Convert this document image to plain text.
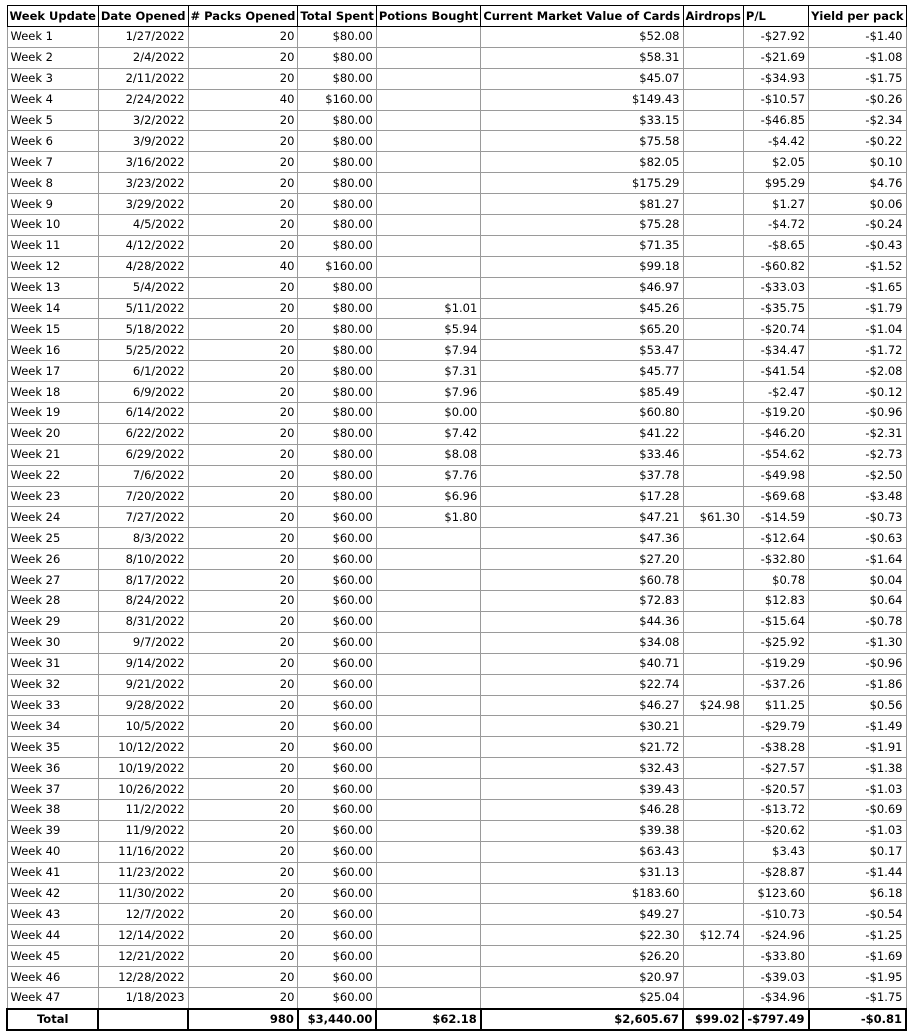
Week Update	Date Opened	# Packs Opened	Total Spent	Potions Bought	Current Market Value of Cards	Airdrops	P/L	Yield per pack
Week 1	1/27/2022	20	$80.00		$52.08		-$27.92	-$1.40
Week 2	2/4/2022	20	$80.00		$58.31		-$21.69	-$1.08
Week 3	2/11/2022	20	$80.00		$45.07		-$34.93	-$1.75
Week 4	2/24/2022	40	$160.00		$149.43		-$10.57	-$0.26
Week 5	3/2/2022	20	$80.00		$33.15		-$46.85	-$2.34
Week 6	3/9/2022	20	$80.00		$75.58		-$4.42	-$0.22
Week 7	3/16/2022	20	$80.00		$82.05		$2.05	$0.10
Week 8	3/23/2022	20	$80.00		$175.29		$95.29	$4.76
Week 9	3/29/2022	20	$80.00		$81.27		$1.27	$0.06
Week 10	4/5/2022	20	$80.00		$75.28		-$4.72	-$0.24
Week 11	4/12/2022	20	$80.00		$71.35		-$8.65	-$0.43
Week 12	4/28/2022	40	$160.00		$99.18		-$60.82	-$1.52
Week 13	5/4/2022	20	$80.00		$46.97		-$33.03	-$1.65
Week 14	5/11/2022	20	$80.00	$1.01	$45.26		-$35.75	-$1.79
Week 15	5/18/2022	20	$80.00	$5.94	$65.20		-$20.74	-$1.04
Week 16	5/25/2022	20	$80.00	$7.94	$53.47		-$34.47	-$1.72
Week 17	6/1/2022	20	$80.00	$7.31	$45.77		-$41.54	-$2.08
Week 18	6/9/2022	20	$80.00	$7.96	$85.49		-$2.47	-$0.12
Week 19	6/14/2022	20	$80.00	$0.00	$60.80		-$19.20	-$0.96
Week 20	6/22/2022	20	$80.00	$7.42	$41.22		-$46.20	-$2.31
Week 21	6/29/2022	20	$80.00	$8.08	$33.46		-$54.62	-$2.73
Week 22	7/6/2022	20	$80.00	$7.76	$37.78		-$49.98	-$2.50
Week 23	7/20/2022	20	$80.00	$6.96	$17.28		-$69.68	-$3.48
Week 24	7/27/2022	20	$60.00	$1.80	$47.21	$61.30	-$14.59	-$0.73
Week 25	8/3/2022	20	$60.00		$47.36		-$12.64	-$0.63
Week 26	8/10/2022	20	$60.00		$27.20		-$32.80	-$1.64
Week 27	8/17/2022	20	$60.00		$60.78		$0.78	$0.04
Week 28	8/24/2022	20	$60.00		$72.83		$12.83	$0.64
Week 29	8/31/2022	20	$60.00		$44.36		-$15.64	-$0.78
Week 30	9/7/2022	20	$60.00		$34.08		-$25.92	-$1.30
Week 31	9/14/2022	20	$60.00		$40.71		-$19.29	-$0.96
Week 32	9/21/2022	20	$60.00		$22.74		-$37.26	-$1.86
Week 33	9/28/2022	20	$60.00		$46.27	$24.98	$11.25	$0.56
Week 34	10/5/2022	20	$60.00		$30.21		-$29.79	-$1.49
Week 35	10/12/2022	20	$60.00		$21.72		-$38.28	-$1.91
Week 36	10/19/2022	20	$60.00		$32.43		-$27.57	-$1.38
Week 37	10/26/2022	20	$60.00		$39.43		-$20.57	-$1.03
Week 38	11/2/2022	20	$60.00		$46.28		-$13.72	-$0.69
Week 39	11/9/2022	20	$60.00		$39.38		-$20.62	-$1.03
Week 40	11/16/2022	20	$60.00		$63.43		$3.43	$0.17
Week 41	11/23/2022	20	$60.00		$31.13		-$28.87	-$1.44
Week 42	11/30/2022	20	$60.00		$183.60		$123.60	$6.18
Week 43	12/7/2022	20	$60.00		$49.27		-$10.73	-$0.54
Week 44	12/14/2022	20	$60.00		$22.30	$12.74	-$24.96	-$1.25
Week 45	12/21/2022	20	$60.00		$26.20		-$33.80	-$1.69
Week 46	12/28/2022	20	$60.00		$20.97		-$39.03	-$1.95
Week 47	1/18/2023	20	$60.00		$25.04		-$34.96	-$1.75
Total		980	$3,440.00	$62.18	$2,605.67	$99.02	-$797.49	-$0.81
